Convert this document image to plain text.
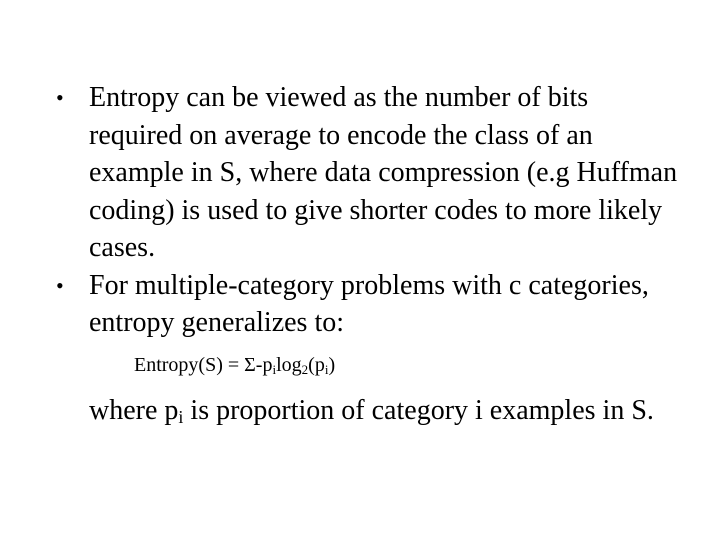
• Entropy can be viewed as the number of bits required on average to encode the class of an example in S, where data compression (e.g Huffman coding) is used to give shorter codes to more likely cases.
• For multiple-category problems with c categories, entropy generalizes to:
Entropy(S) = $\Sigma-p_i\log_2(p_i)$
where $p_i$ is proportion of category i examples in S.
